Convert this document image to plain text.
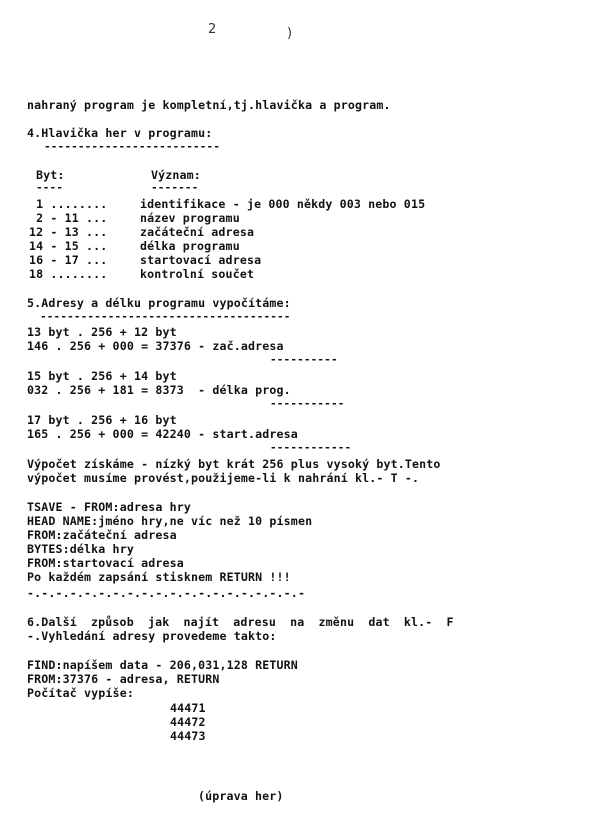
2	)
nahraný program je kompletní,tj.hlavička a program.
4.Hlavička her v programu:
--------------------------
Byt:	Význam:
----	-------
1 ........	identifikace - je 000 někdy 003 nebo 015
2 - 11 ...	název programu
12 - 13 ...	začáteční adresa
14 - 15 ...	délka programu
16 - 17 ...	startovací adresa
18 ........	kontrolní součet
5.Adresy a délku programu vypočítáme:
-------------------------------------
13 byt . 256 + 12 byt
146 . 256 + 000 = 37376 - zač.adresa
----------
15 byt . 256 + 14 byt
032 . 256 + 181 = 8373  - délka prog.
-----------
17 byt . 256 + 16 byt
165 . 256 + 000 = 42240 - start.adresa
------------
Výpočet získáme - nízký byt krát 256 plus vysoký byt.Tento
výpočet musíme provést,použijeme-li k nahrání kl.- T -.
TSAVE - FROM:adresa hry
HEAD NAME:jméno hry,ne víc než 10 písmen
FROM:začáteční adresa
BYTES:délka hry
FROM:startovací adresa
Po každém zapsání stisknem RETURN !!!
-.-.-.-.-.-.-.-.-.-.-.-.-.-.-.-.-.-.-.-
6.Další způsob jak najít adresu na změnu dat kl.- F
-.Vyhledání adresy provedeme takto:
FIND:napíšem data - 206,031,128 RETURN
FROM:37376 - adresa, RETURN
Počítač vypíše:
44471
44472
44473
(úprava her)
